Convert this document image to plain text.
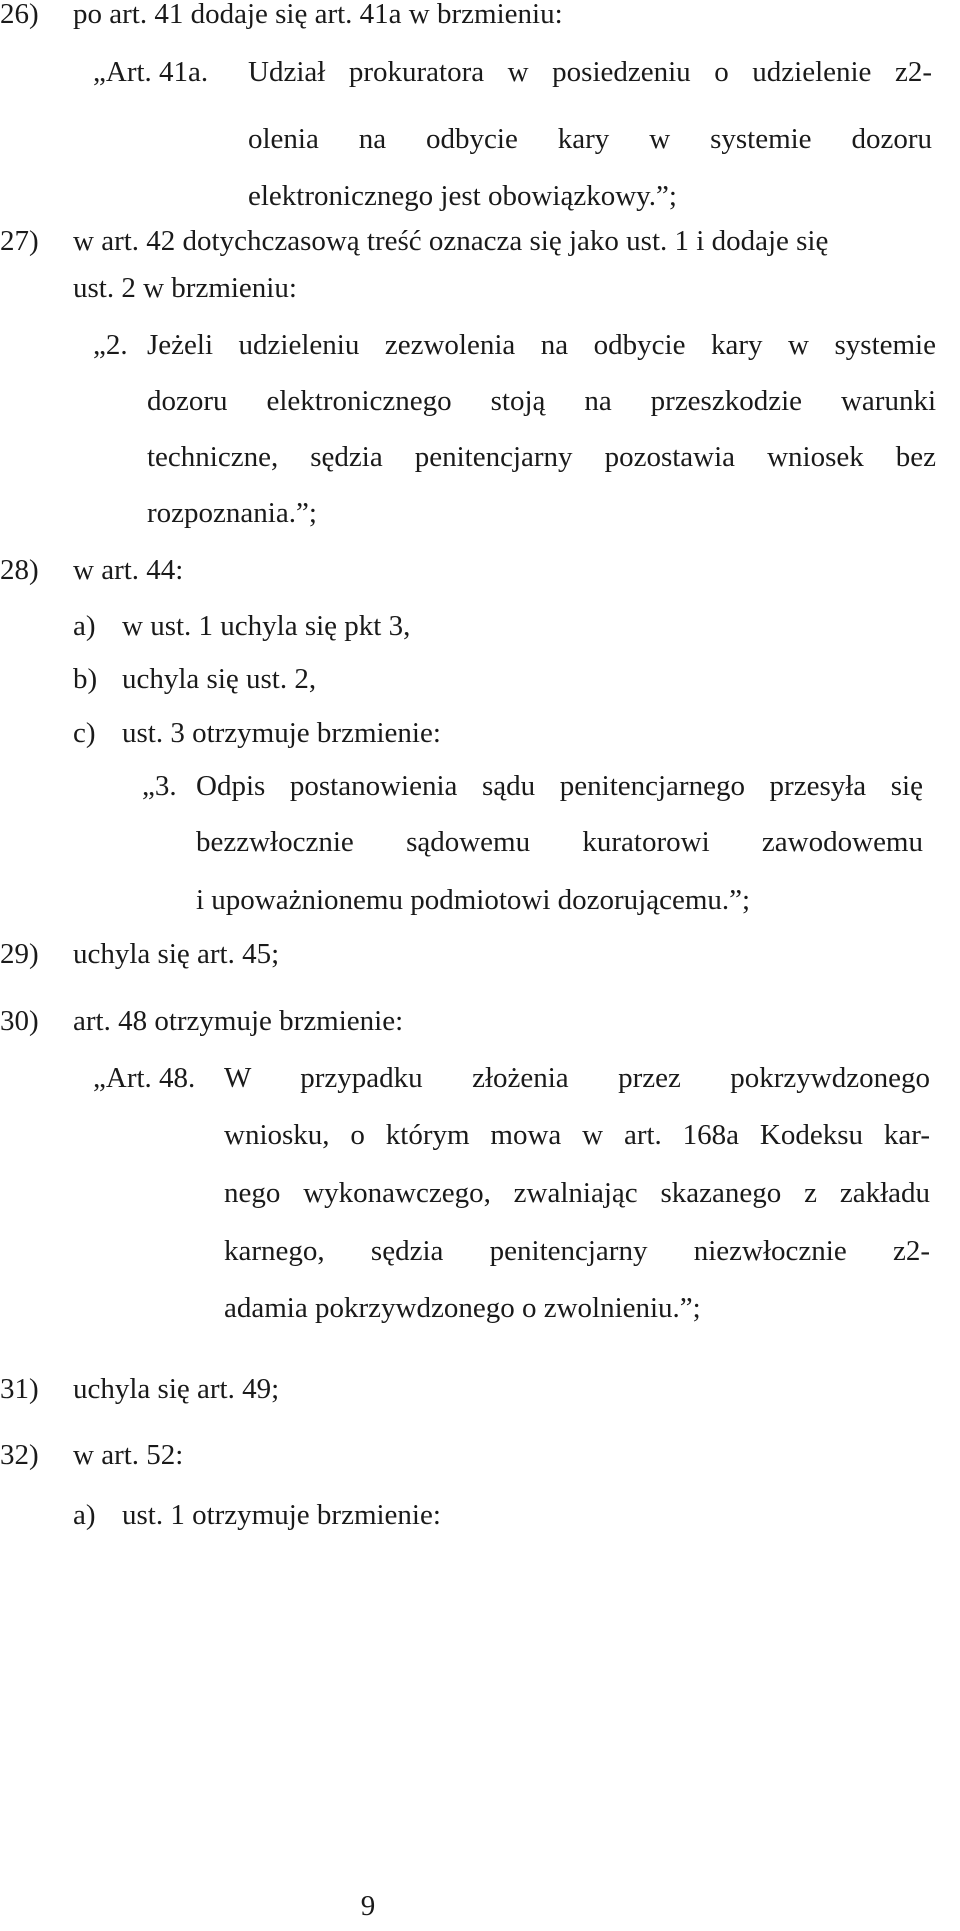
26) po art. 41 dodaje się art. 41a w brzmieniu:
„Art. 41a. Udział prokuratora w posiedzeniu o udzielenie z2-
olenia na odbycie kary w systemie dozoru
elektronicznego jest obowiązkowy.”;
27) w art. 42 dotychczasową treść oznacza się jako ust. 1 i dodaje się
ust. 2 w brzmieniu:
„2. Jeżeli udzieleniu zezwolenia na odbycie kary w systemie
dozoru elektronicznego stoją na przeszkodzie warunki
techniczne, sędzia penitencjarny pozostawia wniosek bez
rozpoznania.”;
28) w art. 44:
a) w ust. 1 uchyla się pkt 3,
b) uchyla się ust. 2,
c) ust. 3 otrzymuje brzmienie:
„3. Odpis postanowienia sądu penitencjarnego przesyła się
bezzwłocznie sądowemu kuratorowi zawodowemu
i upoważnionemu podmiotowi dozorującemu.”;
29) uchyla się art. 45;
30) art. 48 otrzymuje brzmienie:
„Art. 48. W przypadku złożenia przez pokrzywdzonego
wniosku, o którym mowa w art. 168a Kodeksu kar-
nego wykonawczego, zwalniając skazanego z zakładu
karnego, sędzia penitencjarny niezwłocznie z2-
adamia pokrzywdzonego o zwolnieniu.”;
31) uchyla się art. 49;
32) w art. 52:
a) ust. 1 otrzymuje brzmienie:
9
